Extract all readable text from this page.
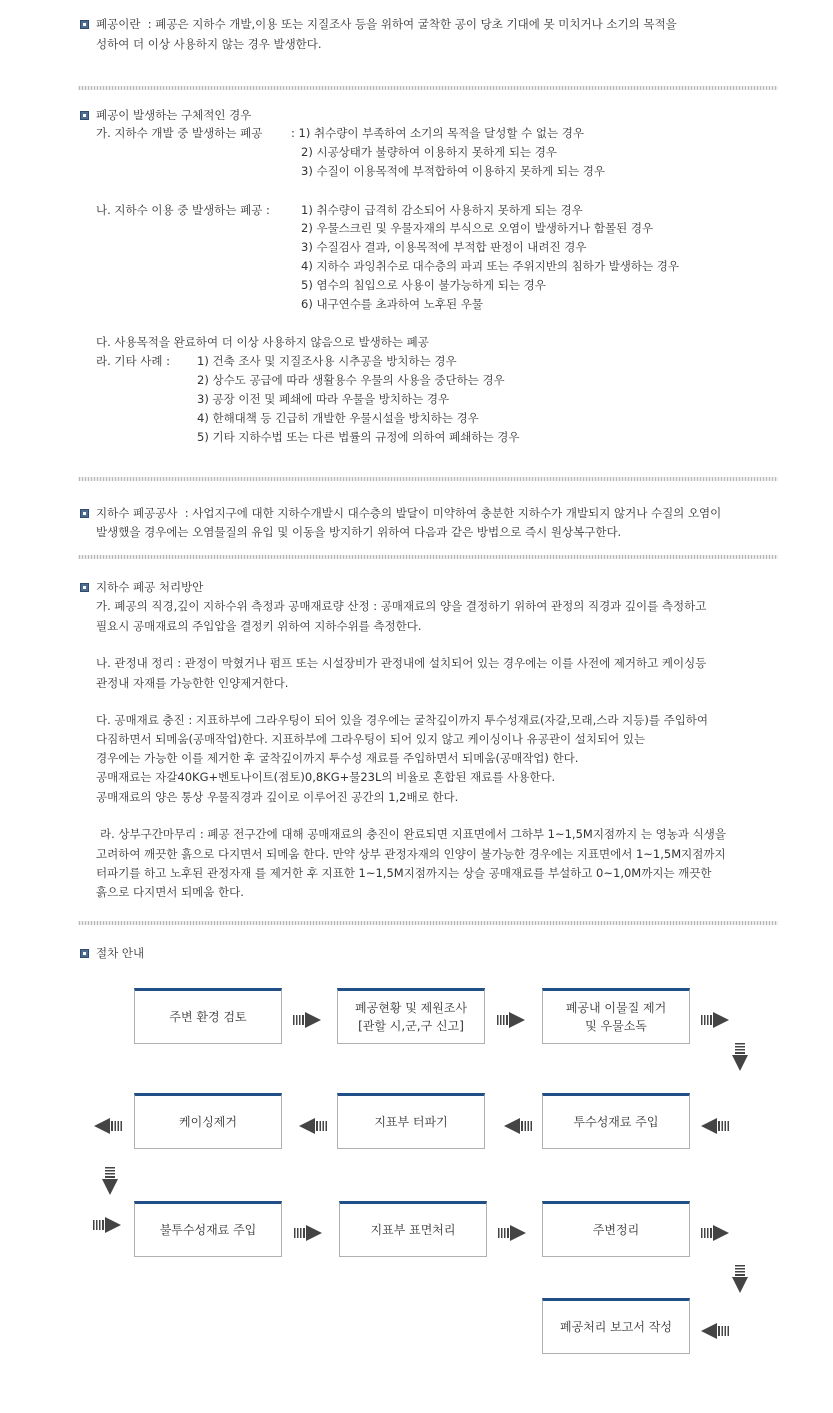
폐공이란 : 폐공은 지하수 개발,이용 또는 지질조사 등을 위하여 굴착한 공이 당초 기대에 못 미치거나 소기의 목적을
성하여 더 이상 사용하지 않는 경우 발생한다.
폐공이 발생하는 구체적인 경우
가. 지하수 개발 중 발생하는 폐공 : 1) 취수량이 부족하여 소기의 목적을 달성할 수 없는 경우
2) 시공상태가 불량하여 이용하지 못하게 되는 경우
3) 수질이 이용목적에 부적합하여 이용하지 못하게 되는 경우
나. 지하수 이용 중 발생하는 폐공 :	1) 취수량이 급격히 감소되어 사용하지 못하게 되는 경우
2) 우물스크린 및 우물자재의 부식으로 오염이 발생하거나 함몰된 경우
3) 수질검사 결과, 이용목적에 부적합 판정이 내려진 경우
4) 지하수 과잉취수로 대수층의 파괴 또는 주위지반의 침하가 발생하는 경우
5) 염수의 침입으로 사용이 불가능하게 되는 경우
6) 내구연수를 초과하여 노후된 우물
다. 사용목적을 완료하여 더 이상 사용하지 않음으로 발생하는 폐공
라. 기타 사례 : 1) 건축 조사 및 지질조사용 시추공을 방치하는 경우
2) 상수도 공급에 따라 생활용수 우물의 사용을 중단하는 경우
3) 공장 이전 및 폐쇄에 따라 우물을 방치하는 경우
4) 한해대책 등 긴급히 개발한 우물시설을 방치하는 경우
5) 기타 지하수법 또는 다른 법률의 규정에 의하여 폐쇄하는 경우
지하수 폐공공사 : 사업지구에 대한 지하수개발시 대수층의 발달이 미약하여 충분한 지하수가 개발되지 않거나 수질의 오염이
발생했을 경우에는 오염물질의 유입 및 이동을 방지하기 위하여 다음과 같은 방법으로 즉시 원상복구한다.
지하수 폐공 처리방안
가. 폐공의 직경,깊이 지하수위 측정과 공매재료량 산정 : 공매재료의 양을 결정하기 위하여 관정의 직경과 깊이를 측정하고
필요시 공매재료의 주입압을 결정키 위하여 지하수위를 측정한다.
나. 관정내 정리 : 관정이 막혔거나 펌프 또는 시설장비가 관정내에 설치되어 있는 경우에는 이를 사전에 제거하고 케이싱등
관정내 자재를 가능한한 인양제거한다.
다. 공매재료 충진 : 지표하부에 그라우팅이 되어 있을 경우에는 굴착깊이까지 투수성재료(자갈,모래,스라 지등)를 주입하여
다짐하면서 되메움(공매작업)한다. 지표하부에 그라우팅이 되어 있지 않고 케이싱이나 유공관이 설치되어 있는
경우에는 가능한 이를 제거한 후 굴착깊이까지 투수성 재료를 주입하면서 되메움(공매작업) 한다.
공매재료는 자갈40KG+벤토나이트(점토)0,8KG+물23L의 비율로 혼합된 재료를 사용한다.
공매재료의 양은 통상 우물직경과 깊이로 이루어진 공간의 1,2배로 한다.
라. 상부구간마무리 : 폐공 전구간에 대해 공매재료의 충진이 완료되면 지표면에서 그하부 1~1,5M지점까지 는 영농과 식생을
고려하여 깨끗한 흙으로 다지면서 되메움 한다. 만약 상부 관정자재의 인양이 불가능한 경우에는 지표면에서 1~1,5M지점까지
터파기를 하고 노후된 관정자재 를 제거한 후 지표한 1~1,5M지점까지는 상슬 공매재료를 부설하고 0~1,0M까지는 깨끗한
흙으로 다지면서 되메움 한다.
절차 안내
주변 환경 검토
폐공현황 및 제원조사
[관할 시,군,구 신고]
폐공내 이물질 제거
및 우물소독
케이싱제거	지표부 터파기	투수성재료 주입
불투수성재료 주입	지표부 표면처리	주변정리
폐공처리 보고서 작성
